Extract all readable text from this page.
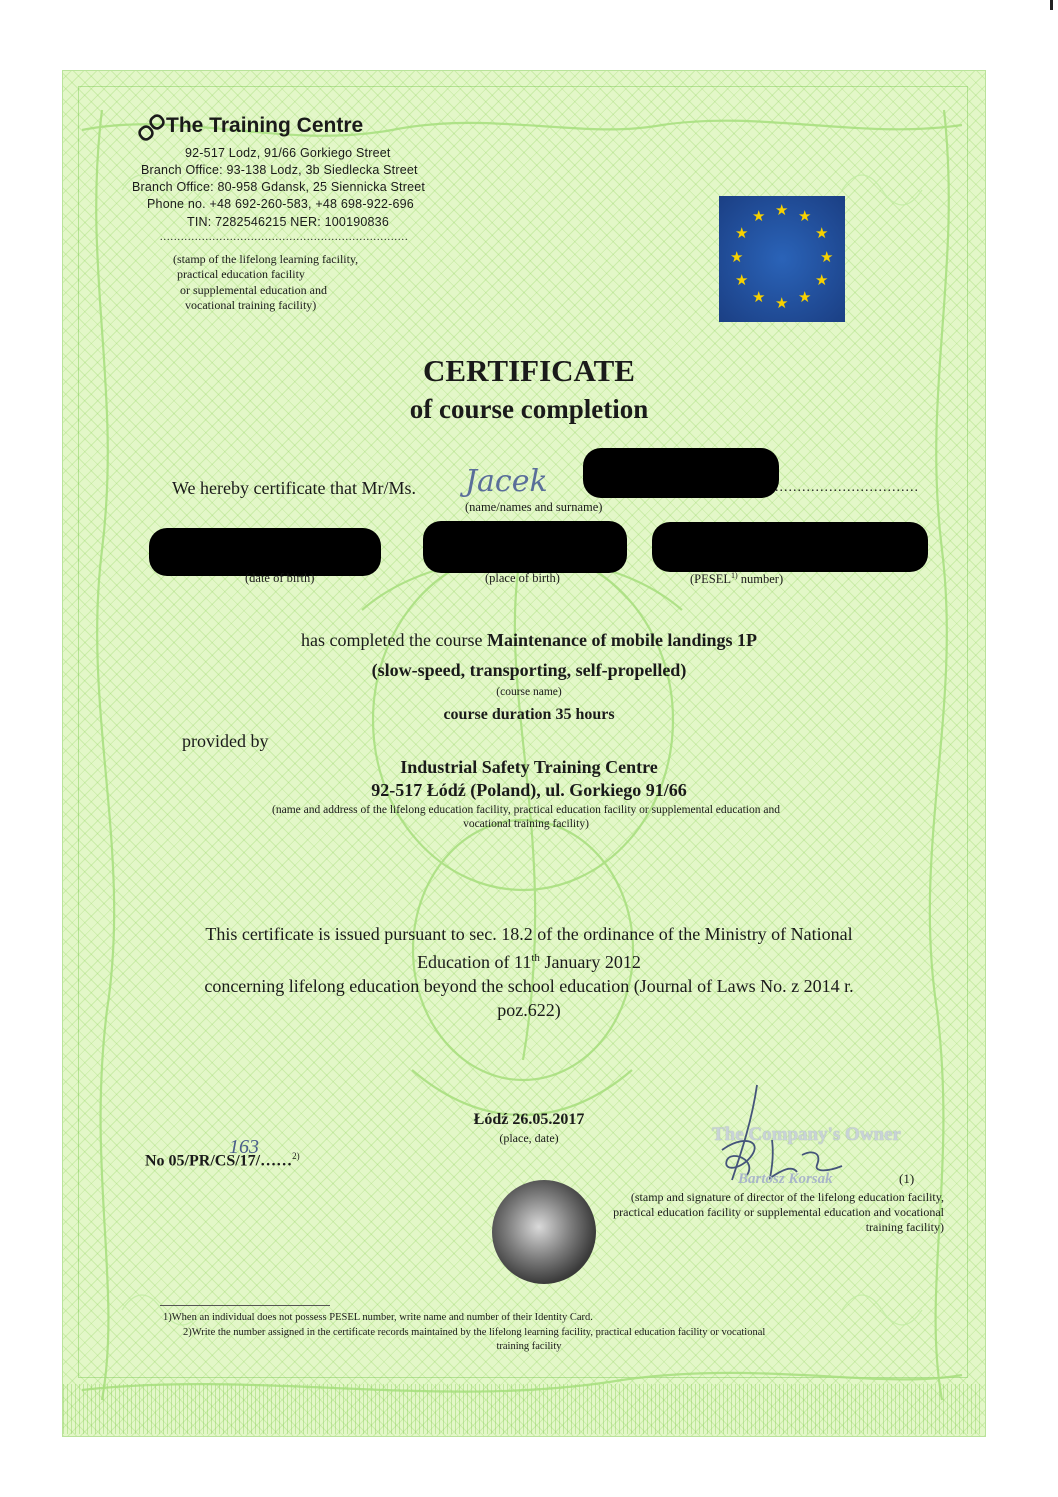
The Training Centre
92-517 Lodz, 91/66 Gorkiego Street
Branch Office: 93-138 Lodz, 3b Siedlecka Street
Branch Office: 80-958 Gdansk, 25 Siennicka Street
Phone no. +48 692-260-583, +48 698-922-696
TIN: 7282546215 NER: 100190836
.......................................................................
(stamp of the lifelong learning facility,
practical education facility
or supplemental education and
vocational training facility)
★ ★
★
★
★
★
★
★
★
★
★
★
CERTIFICATE
of course completion
We hereby certificate that Mr/Ms. Jacek	................................
(name/names and surname)
(date of birth)	(place of birth)	(PESEL$^{1)}$ number)
has completed the course Maintenance of mobile landings 1P
(slow-speed, transporting, self-propelled)
(course name)
course duration 35 hours
provided by
Industrial Safety Training Centre
92-517 Łódź (Poland), ul. Gorkiego 91/66
(name and address of the lifelong education facility, practical education facility or supplemental education and vocational training facility)
This certificate is issued pursuant to sec. 18.2 of the ordinance of the Ministry of National
Education of 11th January 2012
concerning lifelong education beyond the school education (Journal of Laws No. z 2014 r.
poz.622)
Łódź 26.05.2017
(place, date)
No 05/PR/CS/17/……$^{2)}$
163
The Company's Owner
Bartosz Korsak	(1)
(stamp and signature of director of the lifelong education facility, practical education facility or supplemental education and vocational training facility)
1)When an individual does not possess PESEL number, write name and number of their Identity Card.
2)Write the number assigned in the certificate records maintained by the lifelong learning facility, practical education facility or vocational
training facility
